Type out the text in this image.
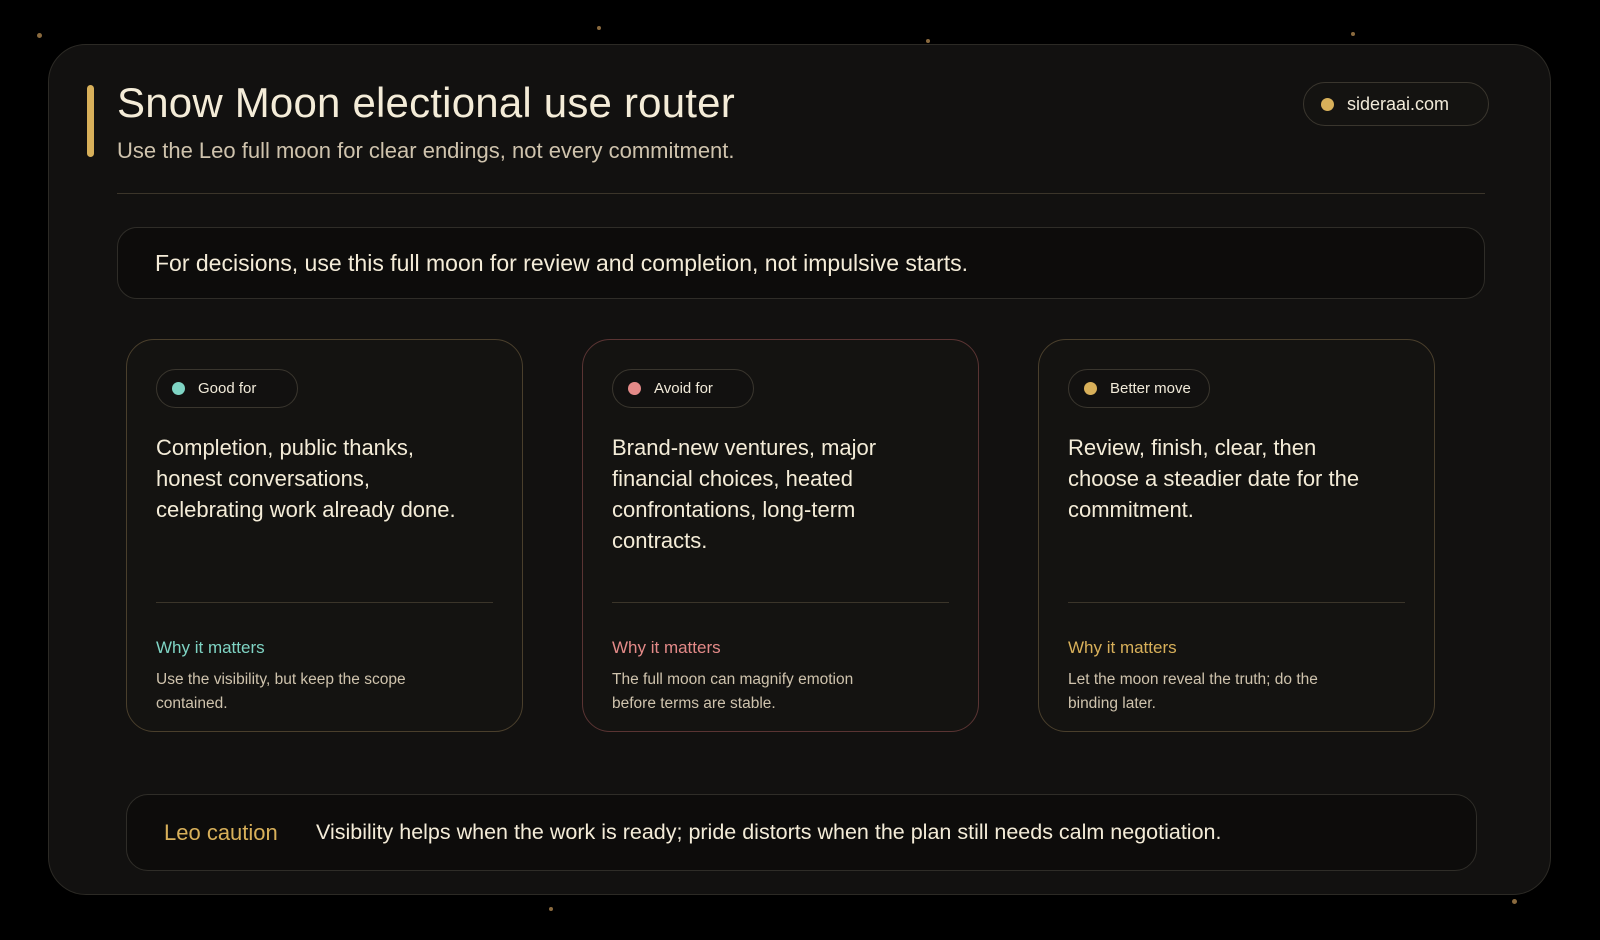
Snow Moon electional use router

Use the Leo full moon for clear endings, not every commitment.

sideraai.com
For decisions, use this full moon for review and completion, not impulsive starts.
Good for

Completion, public thanks, honest conversations, celebrating work already done.

Why it matters

Use the visibility, but keep the scope contained.

Avoid for

Brand-new ventures, major financial choices, heated confrontations, long-term contracts.

Why it matters

The full moon can magnify emotion before terms are stable.

Better move

Review, finish, clear, then choose a steadier date for the commitment.

Why it matters

Let the moon reveal the truth; do the binding later.

Leo caution	Visibility helps when the work is ready; pride distorts when the plan still needs calm negotiation.
